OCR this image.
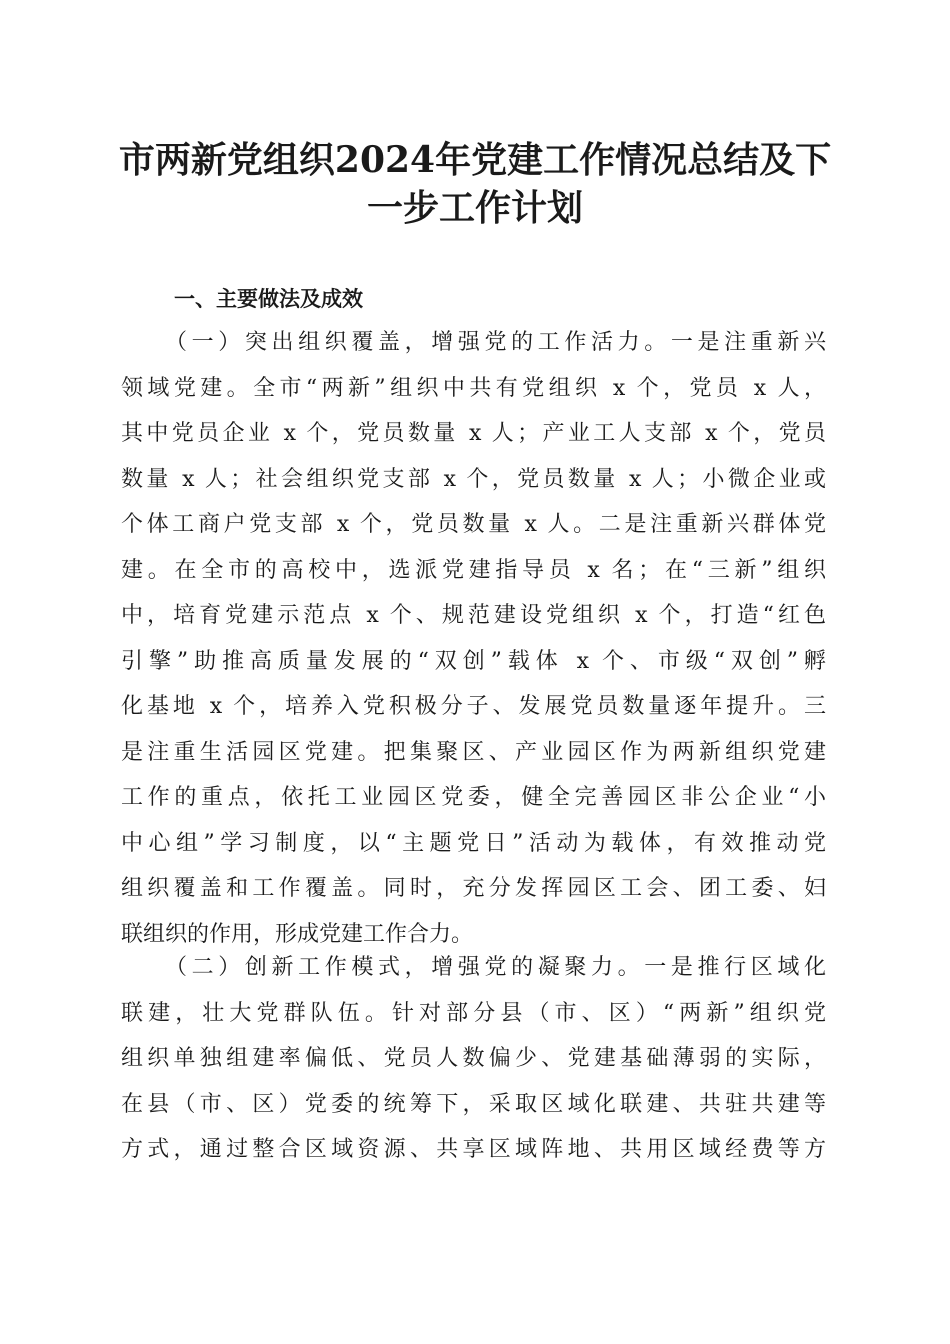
市两新党组织2024年党建工作情况总结及下
一步工作计划
一、主要做法及成效
（一）突出组织覆盖，增强党的工作活力。一是注重新兴
领域党建。全市“两新”组织中共有党组织 x 个，党员 x 人，
其中党员企业 x 个，党员数量 x 人；产业工人支部 x 个，党员
数量 x 人；社会组织党支部 x 个，党员数量 x 人；小微企业或
个体工商户党支部 x 个，党员数量 x 人。二是注重新兴群体党
建。在全市的高校中，选派党建指导员 x 名；在“三新”组织
中，培育党建示范点 x 个、规范建设党组织 x 个，打造“红色
引擎”助推高质量发展的“双创”载体 x 个、市级“双创”孵
化基地 x 个，培养入党积极分子、发展党员数量逐年提升。三
是注重生活园区党建。把集聚区、产业园区作为两新组织党建
工作的重点，依托工业园区党委，健全完善园区非公企业“小
中心组”学习制度，以“主题党日”活动为载体，有效推动党
组织覆盖和工作覆盖。同时，充分发挥园区工会、团工委、妇
联组织的作用，形成党建工作合力。
（二）创新工作模式，增强党的凝聚力。一是推行区域化
联建，壮大党群队伍。针对部分县（市、区）“两新”组织党
组织单独组建率偏低、党员人数偏少、党建基础薄弱的实际，
在县（市、区）党委的统筹下，采取区域化联建、共驻共建等
方式，通过整合区域资源、共享区域阵地、共用区域经费等方
